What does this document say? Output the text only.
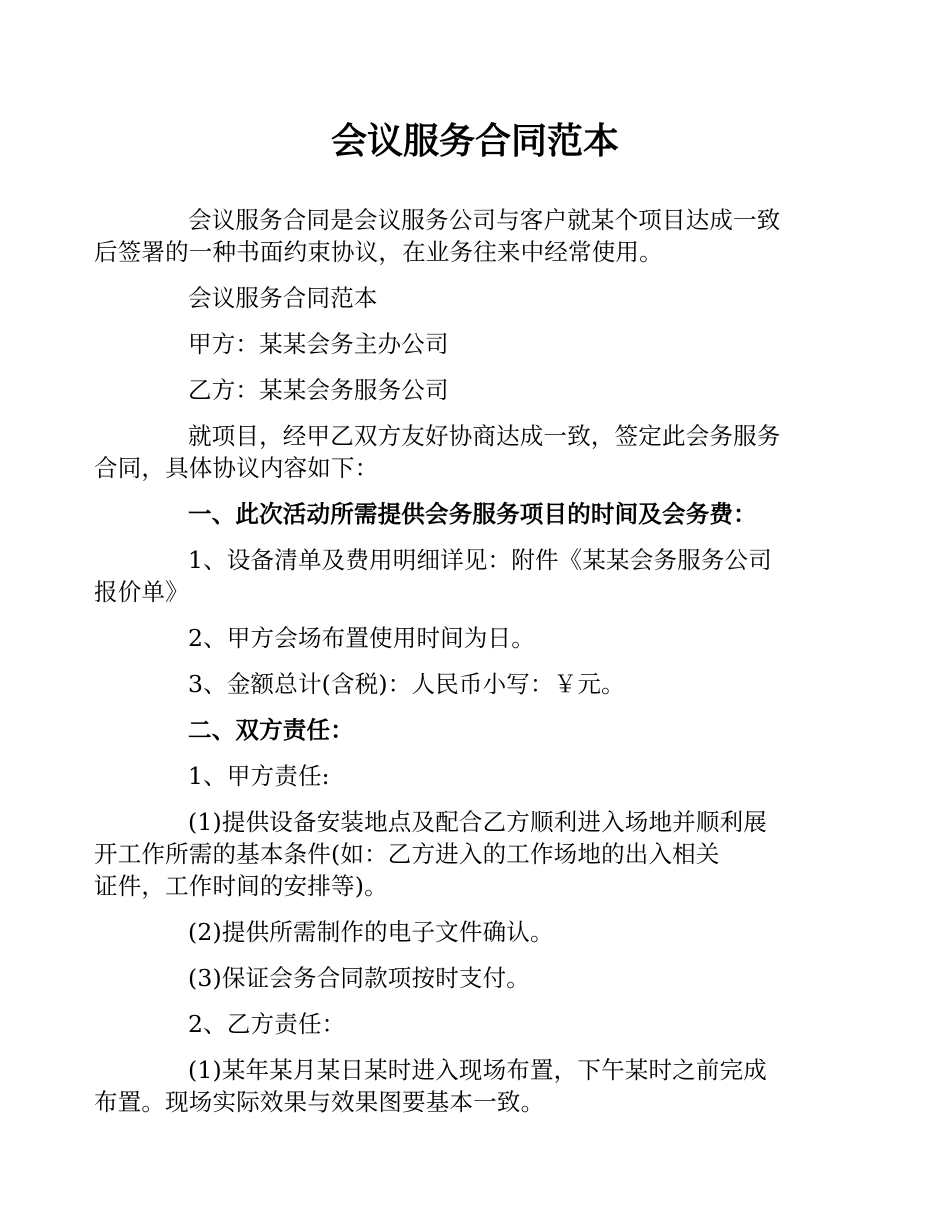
会议服务合同范本
会议服务合同是会议服务公司与客户就某个项目达成一致
后签署的一种书面约束协议，在业务往来中经常使用。
会议服务合同范本
甲方：某某会务主办公司
乙方：某某会务服务公司
就项目，经甲乙双方友好协商达成一致，签定此会务服务
合同，具体协议内容如下：
一、此次活动所需提供会务服务项目的时间及会务费：
1、设备清单及费用明细详见：附件《某某会务服务公司
报价单》
2、甲方会场布置使用时间为日。
3、金额总计(含税)：人民币小写：￥元。
二、双方责任：
1、甲方责任:
(1)提供设备安装地点及配合乙方顺利进入场地并顺利展
开工作所需的基本条件(如：乙方进入的工作场地的出入相关
证件，工作时间的安排等)。
(2)提供所需制作的电子文件确认。
(3)保证会务合同款项按时支付。
2、乙方责任：
(1)某年某月某日某时进入现场布置，下午某时之前完成
布置。现场实际效果与效果图要基本一致。
